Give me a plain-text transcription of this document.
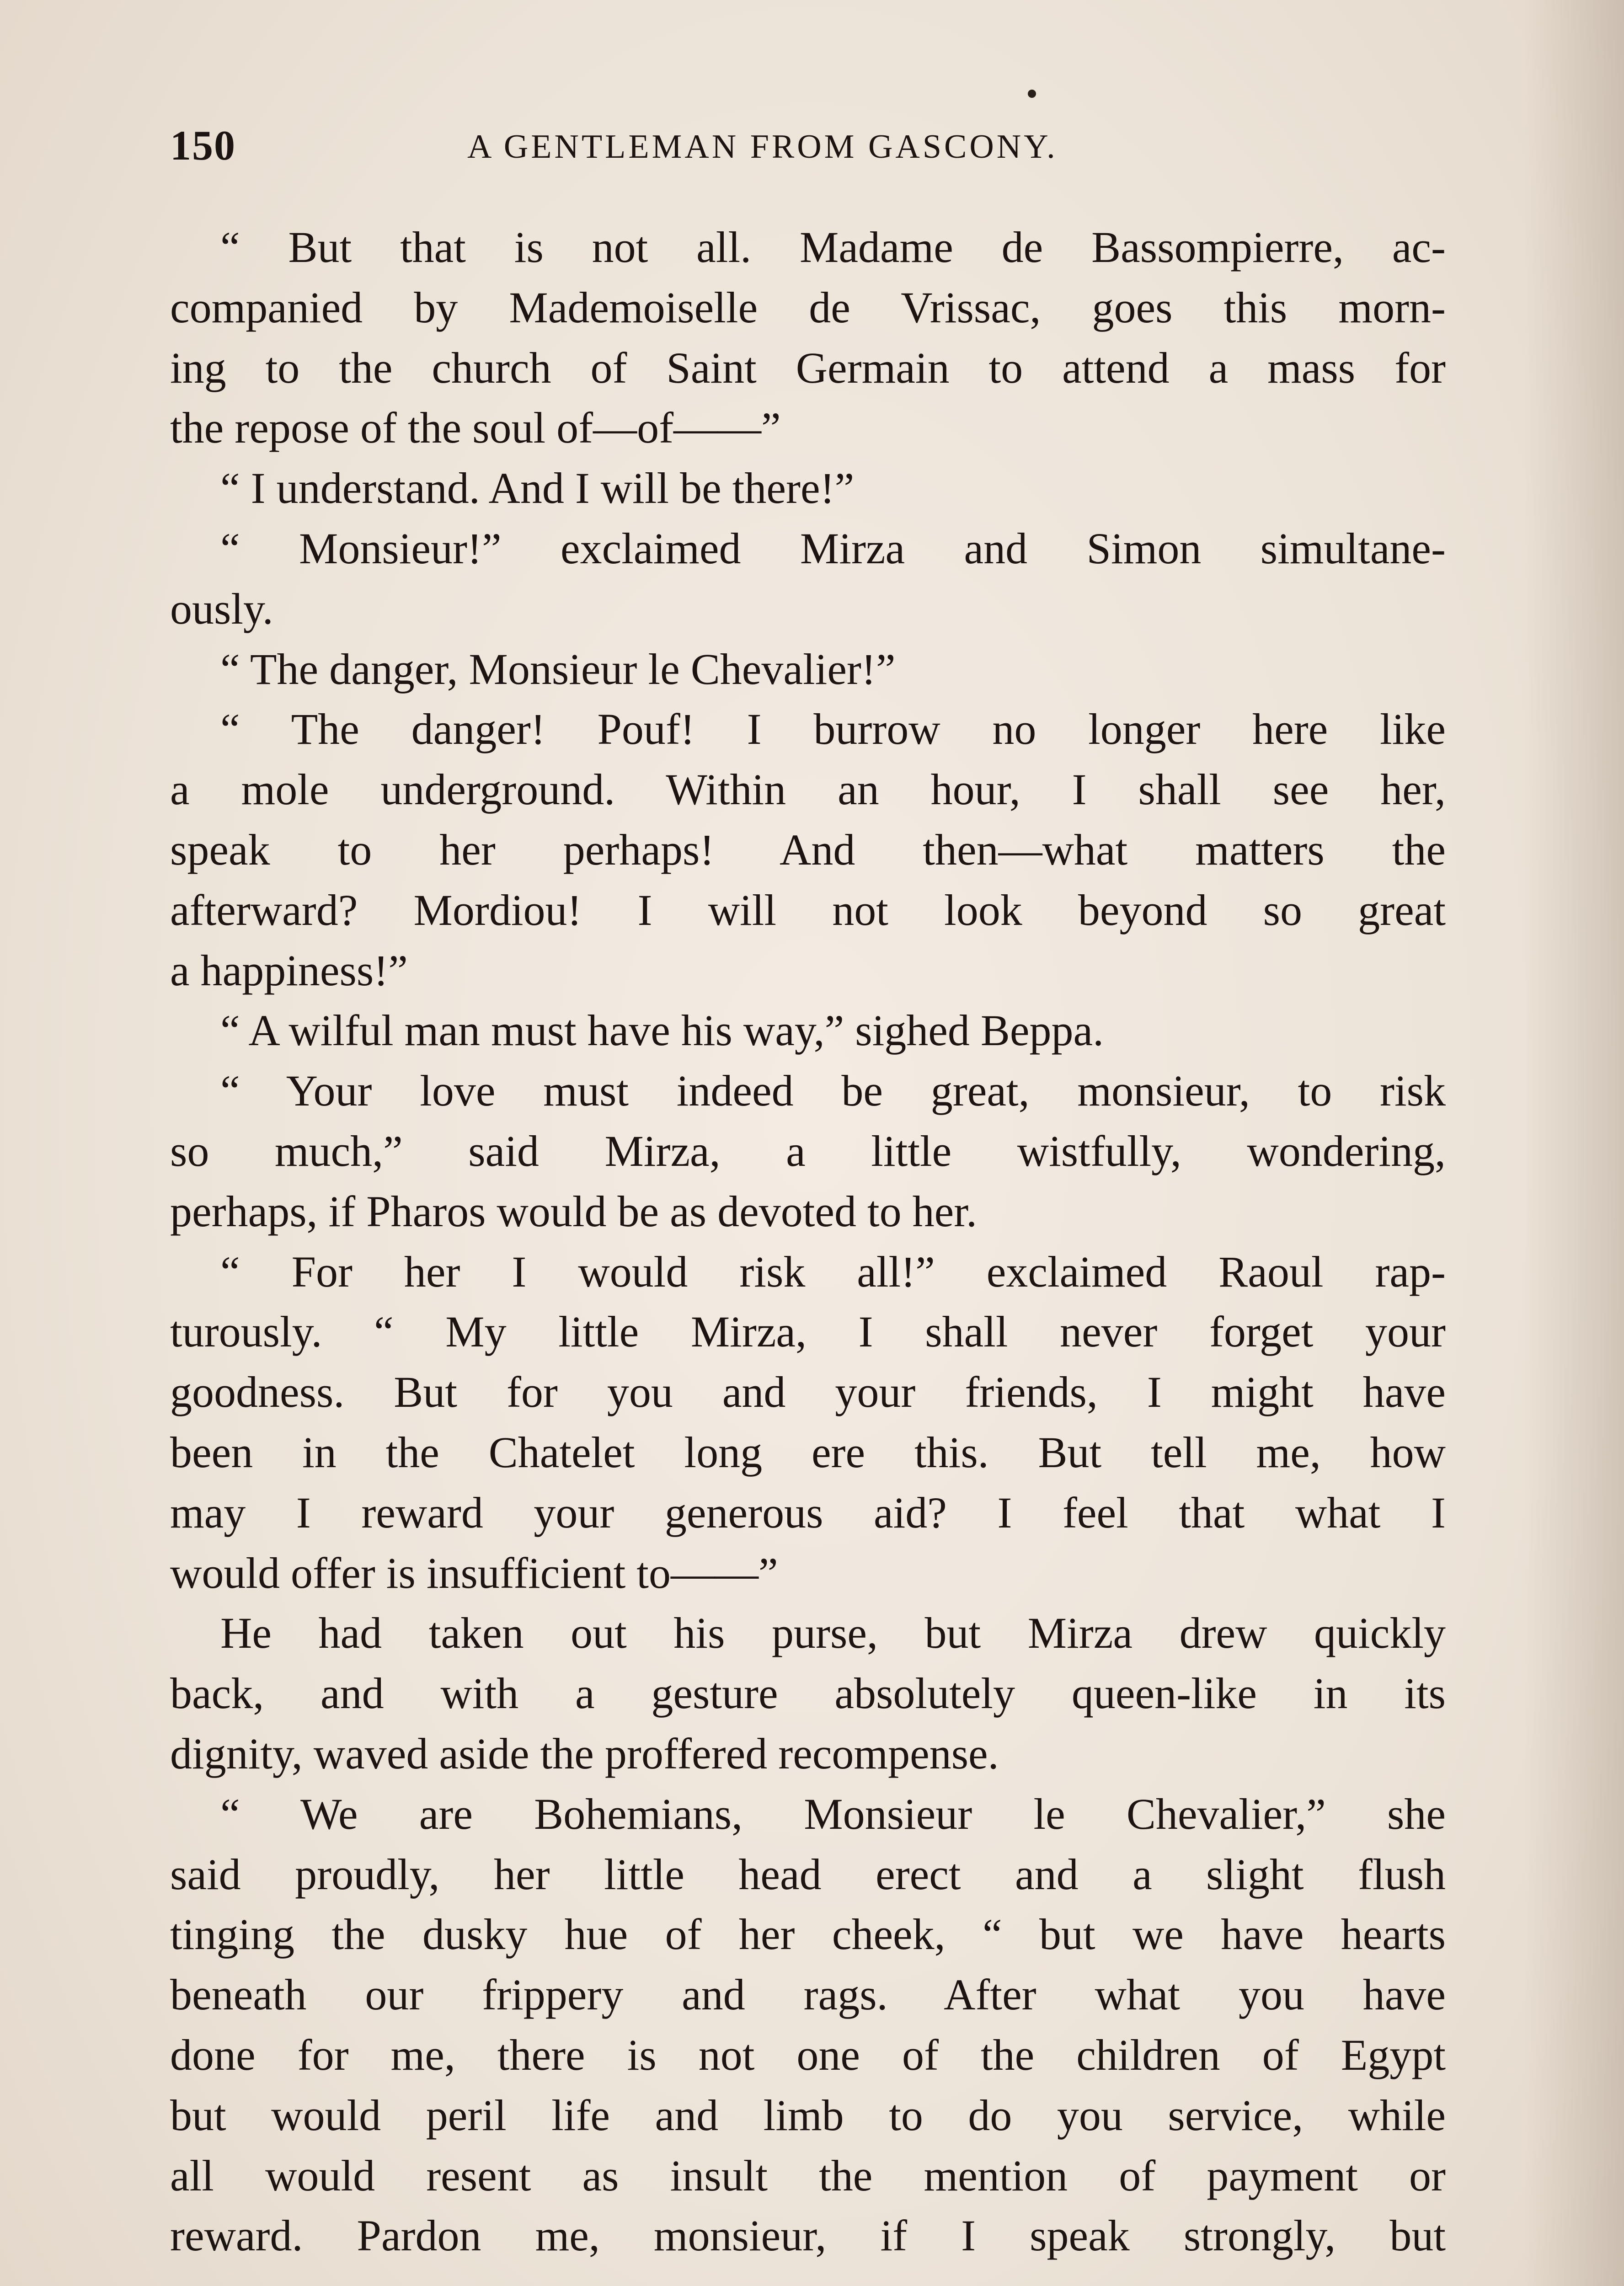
150	A GENTLEMAN FROM GASCONY.
“ But that is not all. Madame de Bassompierre, ac-
companied by Mademoiselle de Vrissac, goes this morn-
ing to the church of Saint Germain to attend a mass for
the repose of the soul of—of——”
“ I understand. And I will be there!”
“ Monsieur!” exclaimed Mirza and Simon simultane-
ously.
“ The danger, Monsieur le Chevalier!”
“ The danger! Pouf! I burrow no longer here like
a mole underground. Within an hour, I shall see her,
speak to her perhaps! And then—what matters the
afterward? Mordiou! I will not look beyond so great
a happiness!”
“ A wilful man must have his way,” sighed Beppa.
“ Your love must indeed be great, monsieur, to risk
so much,” said Mirza, a little wistfully, wondering,
perhaps, if Pharos would be as devoted to her.
“ For her I would risk all!” exclaimed Raoul rap-
turously. “ My little Mirza, I shall never forget your
goodness. But for you and your friends, I might have
been in the Chatelet long ere this. But tell me, how
may I reward your generous aid? I feel that what I
would offer is insufficient to——”
He had taken out his purse, but Mirza drew quickly
back, and with a gesture absolutely queen-like in its
dignity, waved aside the proffered recompense.
“ We are Bohemians, Monsieur le Chevalier,” she
said proudly, her little head erect and a slight flush
tinging the dusky hue of her cheek, “ but we have hearts
beneath our frippery and rags. After what you have
done for me, there is not one of the children of Egypt
but would peril life and limb to do you service, while
all would resent as insult the mention of payment or
reward. Pardon me, monsieur, if I speak strongly, but
